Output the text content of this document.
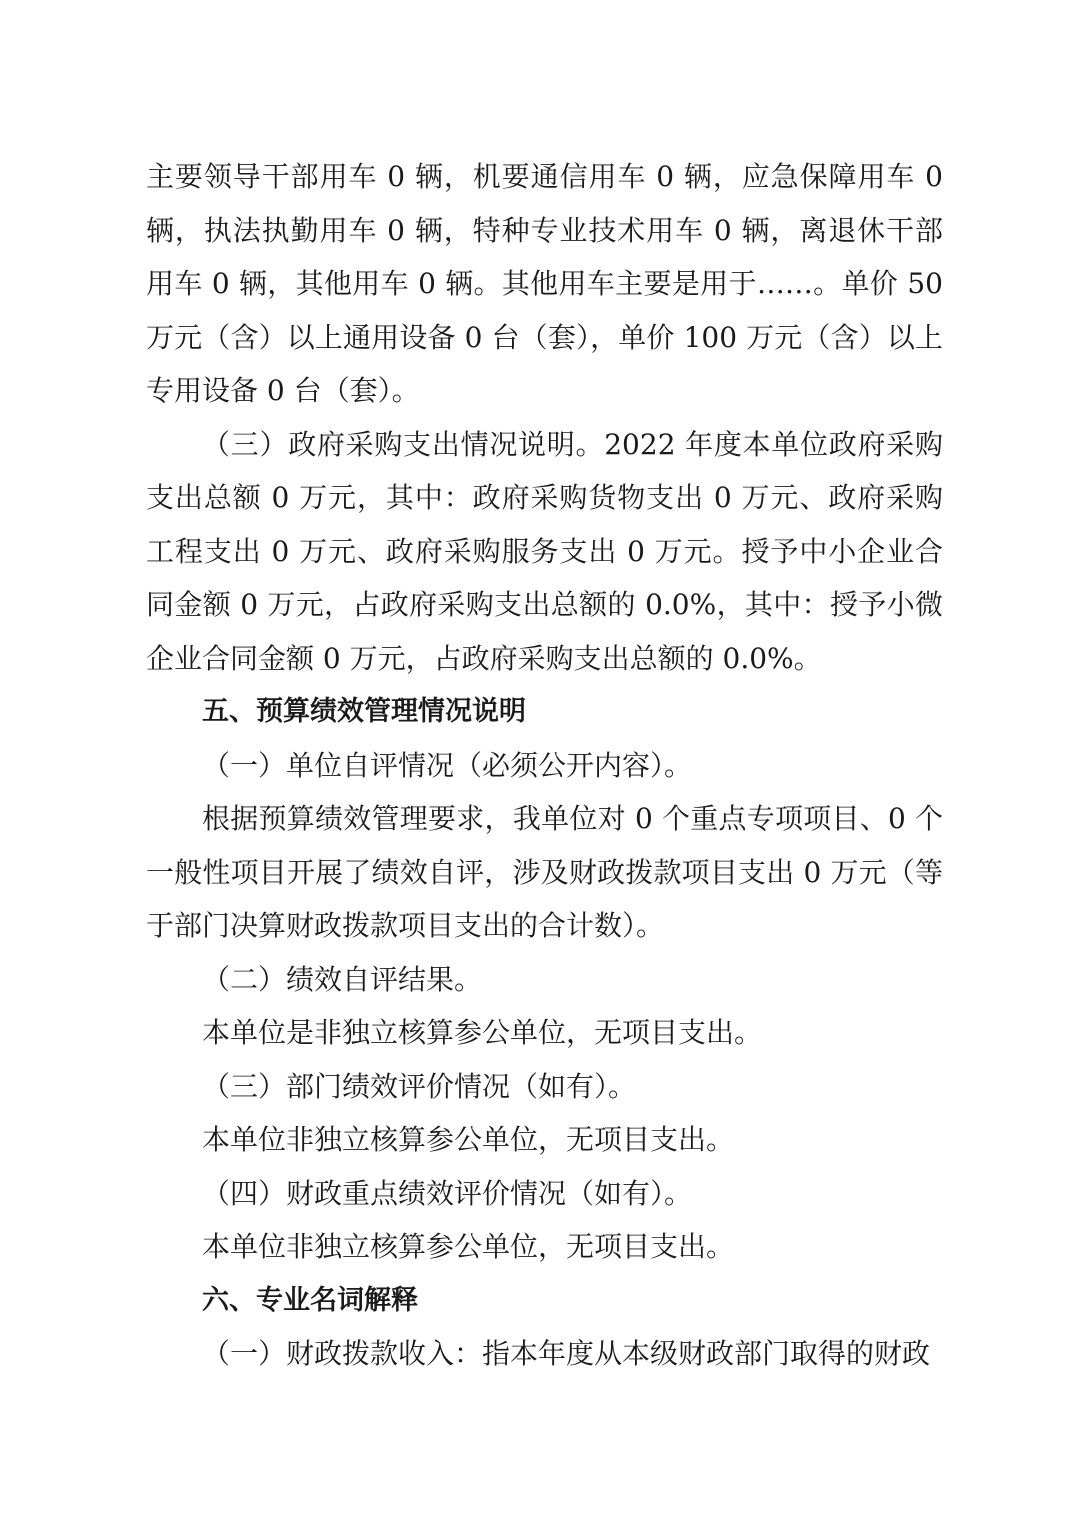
主要领导干部用车 0 辆，机要通信用车 0 辆，应急保障用车 0 辆，执法执勤用车 0 辆，特种专业技术用车 0 辆，离退休干部用车 0 辆，其他用车 0 辆。其他用车主要是用于……。单价 50 万元（含）以上通用设备 0 台（套），单价 100 万元（含）以上专用设备 0 台（套）。

（三）政府采购支出情况说明。2022 年度本单位政府采购支出总额 0 万元，其中：政府采购货物支出 0 万元、政府采购工程支出 0 万元、政府采购服务支出 0 万元。授予中小企业合同金额 0 万元，占政府采购支出总额的 0.0%，其中：授予小微企业合同金额 0 万元，占政府采购支出总额的 0.0%。

五、预算绩效管理情况说明

（一）单位自评情况（必须公开内容）。

根据预算绩效管理要求，我单位对 0 个重点专项项目、0 个一般性项目开展了绩效自评，涉及财政拨款项目支出 0 万元（等于部门决算财政拨款项目支出的合计数）。

（二）绩效自评结果。

本单位是非独立核算参公单位，无项目支出。

（三）部门绩效评价情况（如有）。

本单位非独立核算参公单位，无项目支出。

（四）财政重点绩效评价情况（如有）。

本单位非独立核算参公单位，无项目支出。

六、专业名词解释

（一）财政拨款收入：指本年度从本级财政部门取得的财政
